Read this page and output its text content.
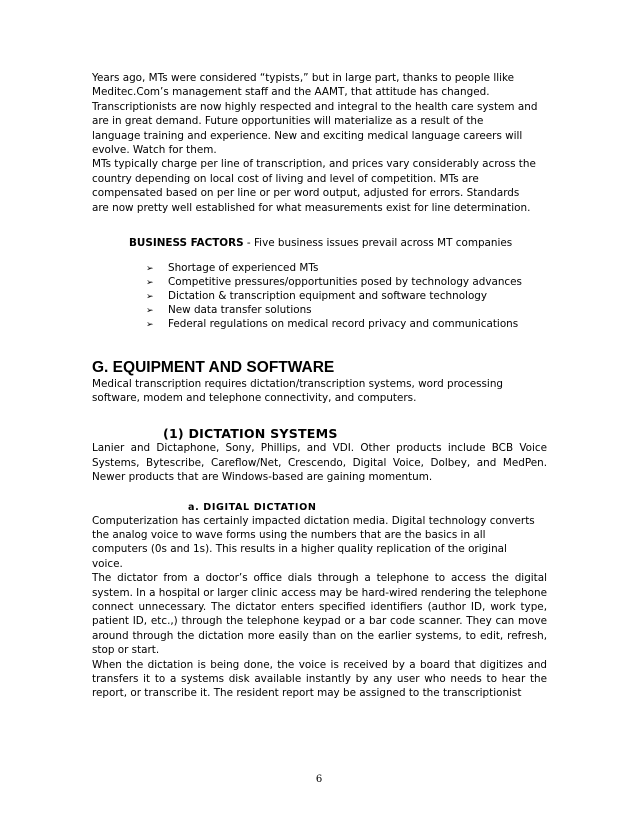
Years ago, MTs were considered “typists,” but in large part, thanks to people llike
Meditec.Com’s management staff and the AAMT, that attitude has changed.
Transcriptionists are now highly respected and integral to the health care system and
are in great demand. Future opportunities will materialize as a result of the
language training and experience. New and exciting medical language careers will
evolve. Watch for them.

MTs typically charge per line of transcription, and prices vary considerably across the
country depending on local cost of living and level of competition. MTs are
compensated based on per line or per word output, adjusted for errors. Standards
are now pretty well established for what measurements exist for line determination.

BUSINESS FACTORS - Five business issues prevail across MT companies
➢ Shortage of experienced MTs
➢ Competitive pressures/opportunities posed by technology advances
➢ Dictation & transcription equipment and software technology
➢ New data transfer solutions
➢ Federal regulations on medical record privacy and communications
G. EQUIPMENT AND SOFTWARE

Medical transcription requires dictation/transcription systems, word processing
software, modem and telephone connectivity, and computers.

(1) DICTATION SYSTEMS

Lanier and Dictaphone, Sony, Phillips, and VDI. Other products include BCB Voice Systems, Bytescribe, Careflow/Net, Crescendo, Digital Voice, Dolbey, and MedPen. Newer products that are Windows-based are gaining momentum.

a. DIGITAL DICTATION

Computerization has certainly impacted dictation media. Digital technology converts
the analog voice to wave forms using the numbers that are the basics in all
computers (0s and 1s). This results in a higher quality replication of the original
voice.

The dictator from a doctor’s office dials through a telephone to access the digital system. In a hospital or larger clinic access may be hard-wired rendering the telephone connect unnecessary. The dictator enters specified identifiers (author ID, work type, patient ID, etc.,) through the telephone keypad or a bar code scanner. They can move around through the dictation more easily than on the earlier systems, to edit, refresh, stop or start.

When the dictation is being done, the voice is received by a board that digitizes and transfers it to a systems disk available instantly by any user who needs to hear the report, or transcribe it. The resident report may be assigned to the transcriptionist

6
